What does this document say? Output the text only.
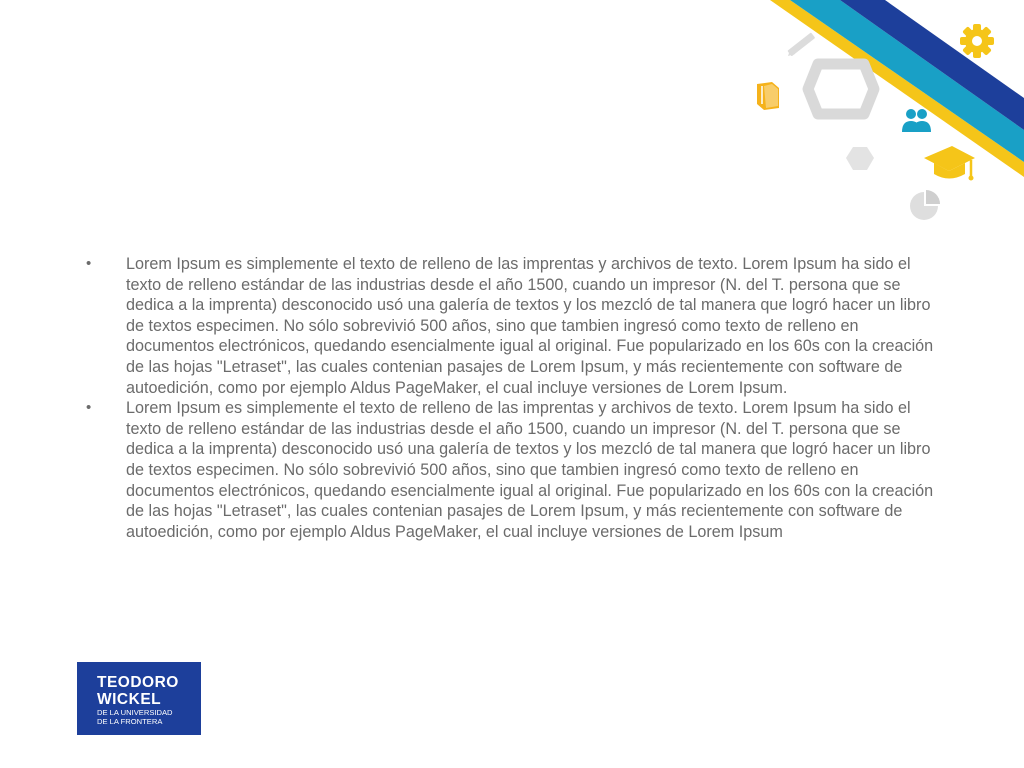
• Lorem Ipsum es simplemente el texto de relleno de las imprentas y archivos de texto. Lorem Ipsum ha sido el texto de relleno estándar de las industrias desde el año 1500, cuando un impresor (N. del T. persona que se dedica a la imprenta) desconocido usó una galería de textos y los mezcló de tal manera que logró hacer un libro de textos especimen. No sólo sobrevivió 500 años, sino que tambien ingresó como texto de relleno en documentos electrónicos, quedando esencialmente igual al original. Fue popularizado en los 60s con la creación de las hojas "Letraset", las cuales contenian pasajes de Lorem Ipsum, y más recientemente con software de autoedición, como por ejemplo Aldus PageMaker, el cual incluye versiones de Lorem Ipsum.
• Lorem Ipsum es simplemente el texto de relleno de las imprentas y archivos de texto. Lorem Ipsum ha sido el texto de relleno estándar de las industrias desde el año 1500, cuando un impresor (N. del T. persona que se dedica a la imprenta) desconocido usó una galería de textos y los mezcló de tal manera que logró hacer un libro de textos especimen. No sólo sobrevivió 500 años, sino que tambien ingresó como texto de relleno en documentos electrónicos, quedando esencialmente igual al original. Fue popularizado en los 60s con la creación de las hojas "Letraset", las cuales contenian pasajes de Lorem Ipsum, y más recientemente con software de autoedición, como por ejemplo Aldus PageMaker, el cual incluye versiones de Lorem Ipsum
TEODORO
WICKEL
DE LA UNIVERSIDAD
DE LA FRONTERA
